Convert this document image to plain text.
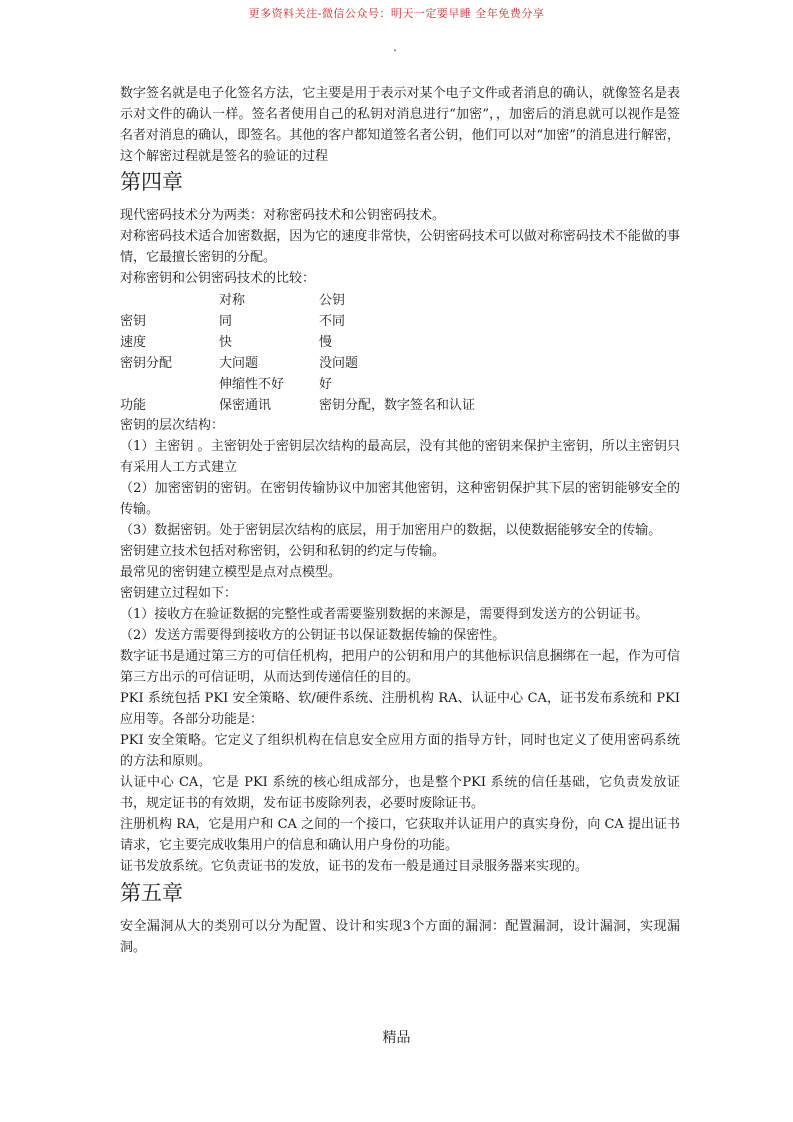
更多资料关注-微信公众号：明天一定要早睡 全年免费分享
.

数字签名就是电子化签名方法，它主要是用于表示对某个电子文件或者消息的确认，就像签名是表示对文件的确认一样。签名者使用自己的私钥对消息进行“加密”，，加密后的消息就可以视作是签名者对消息的确认，即签名。其他的客户都知道签名者公钥，他们可以对“加密”的消息进行解密，这个解密过程就是签名的验证的过程

第四章

现代密码技术分为两类：对称密码技术和公钥密码技术。

对称密码技术适合加密数据，因为它的速度非常快，公钥密码技术可以做对称密码技术不能做的事情，它最擅长密钥的分配。

对称密钥和公钥密码技术的比较：

	对称	公钥
密钥	同	不同
速度	快	慢
密钥分配	大问题	没问题
	伸缩性不好	好
功能	保密通讯	密钥分配，数字签名和认证

密钥的层次结构：

（1）主密钥 。主密钥处于密钥层次结构的最高层，没有其他的密钥来保护主密钥，所以主密钥只有采用人工方式建立

（2）加密密钥的密钥。在密钥传输协议中加密其他密钥，这种密钥保护其下层的密钥能够安全的传输。

（3）数据密钥。处于密钥层次结构的底层，用于加密用户的数据，以使数据能够安全的传输。

密钥建立技术包括对称密钥，公钥和私钥的约定与传输。

最常见的密钥建立模型是点对点模型。

密钥建立过程如下：

（1）接收方在验证数据的完整性或者需要鉴别数据的来源是，需要得到发送方的公钥证书。

（2）发送方需要得到接收方的公钥证书以保证数据传输的保密性。

数字证书是通过第三方的可信任机构，把用户的公钥和用户的其他标识信息捆绑在一起，作为可信第三方出示的可信证明，从而达到传递信任的目的。

PKI 系统包括 PKI 安全策略、软/硬件系统、注册机构 RA、认证中心 CA，证书发布系统和 PKI 应用等。各部分功能是：

PKI 安全策略。它定义了组织机构在信息安全应用方面的指导方针，同时也定义了使用密码系统的方法和原则。

认证中心 CA，它是 PKI 系统的核心组成部分，也是整个PKI 系统的信任基础，它负责发放证书，规定证书的有效期，发布证书废除列表，必要时废除证书。

注册机构 RA，它是用户和 CA 之间的一个接口，它获取并认证用户的真实身份，向 CA 提出证书请求，它主要完成收集用户的信息和确认用户身份的功能。

证书发放系统。它负责证书的发放，证书的发布一般是通过目录服务器来实现的。

第五章

安全漏洞从大的类别可以分为配置、设计和实现3个方面的漏洞：配置漏洞，设计漏洞，实现漏洞。

精品
